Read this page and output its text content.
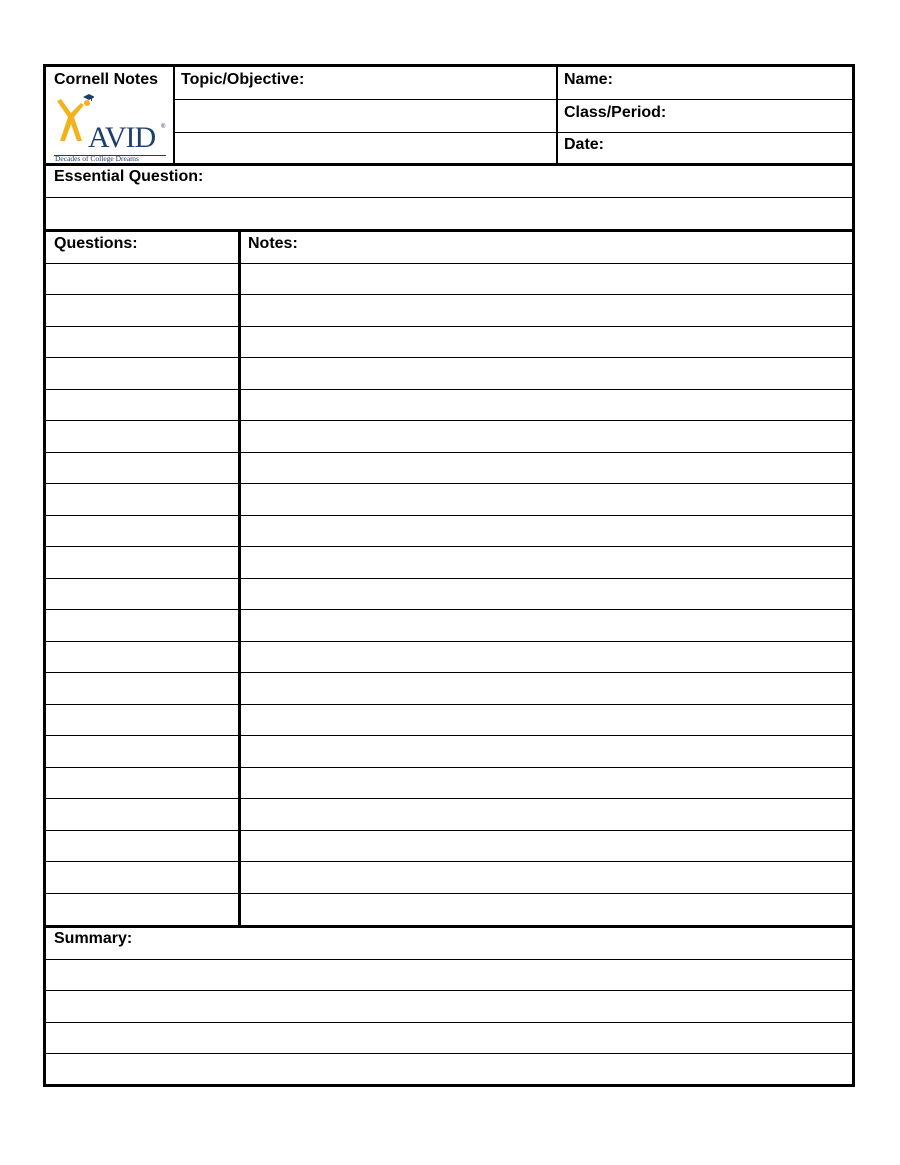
Cornell Notes Topic/Objective:	Name:
Class/Period:
Date:
AVID ®
Decades of College Dreams
Essential Question:
Questions:	Notes:
Summary:
